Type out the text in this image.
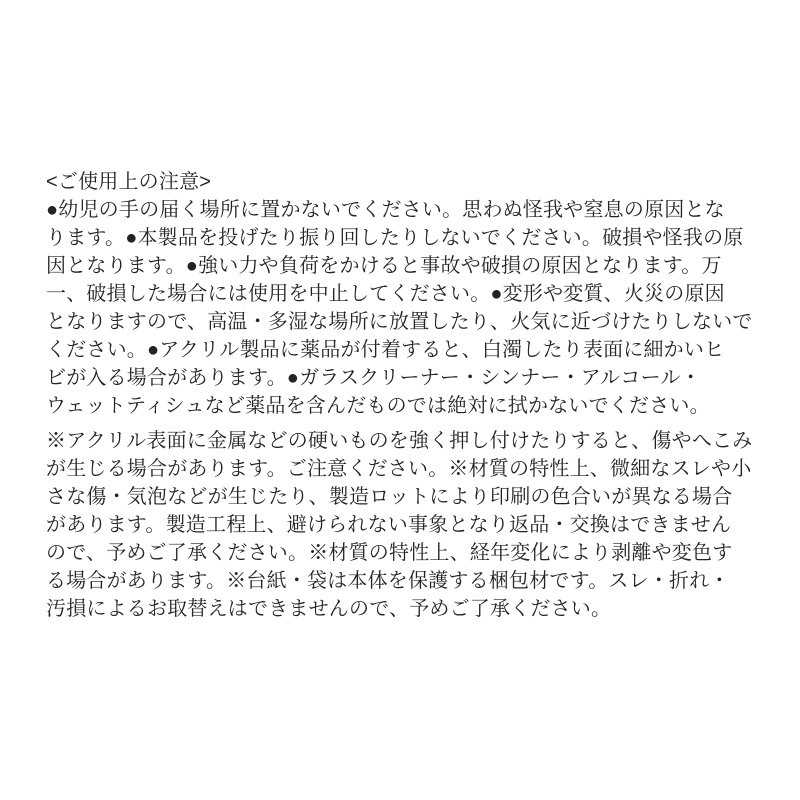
<ご使用上の注意>
●幼児の手の届く場所に置かないでください。思わぬ怪我や窒息の原因とな
ります。●本製品を投げたり振り回したりしないでください。破損や怪我の原
因となります。●強い力や負荷をかけると事故や破損の原因となります。万
一、破損した場合には使用を中止してください。●変形や変質、火災の原因
となりますので、高温・多湿な場所に放置したり、火気に近づけたりしないで
ください。●アクリル製品に薬品が付着すると、白濁したり表面に細かいヒ
ビが入る場合があります。●ガラスクリーナー・シンナー・アルコール・
ウェットティシュなど薬品を含んだものでは絶対に拭かないでください。
※アクリル表面に金属などの硬いものを強く押し付けたりすると、傷やへこみ
が生じる場合があります。ご注意ください。※材質の特性上、微細なスレや小
さな傷・気泡などが生じたり、製造ロットにより印刷の色合いが異なる場合
があります。製造工程上、避けられない事象となり返品・交換はできません
ので、予めご了承ください。※材質の特性上、経年変化により剥離や変色す
る場合があります。※台紙・袋は本体を保護する梱包材です。スレ・折れ・
汚損によるお取替えはできませんので、予めご了承ください。
